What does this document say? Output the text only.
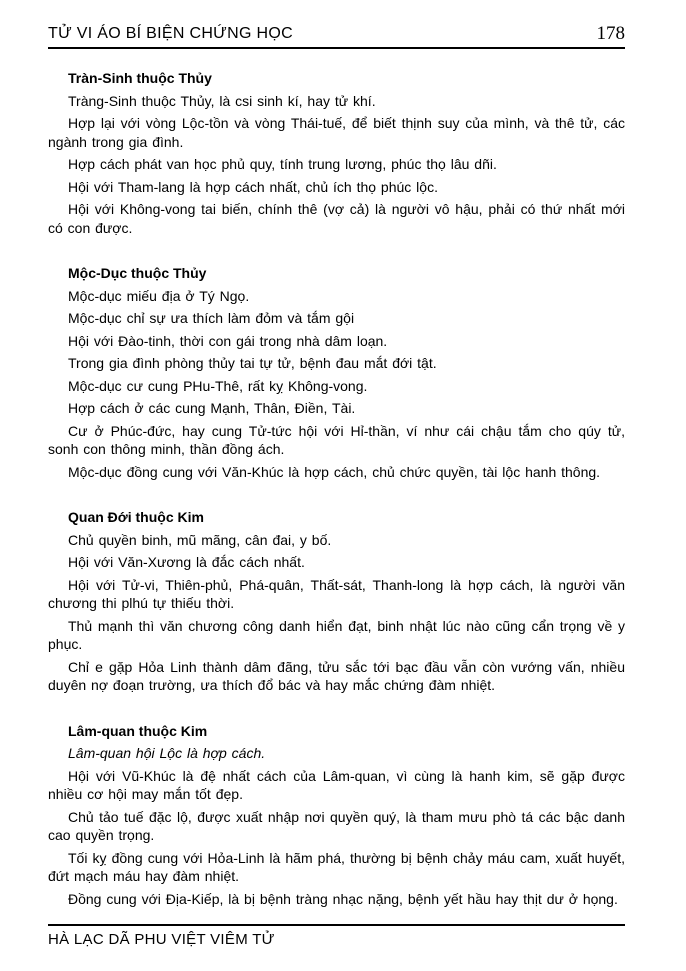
TỬ VI ÁO BÍ BIỆN CHỨNG HỌC	178
Tràn-Sinh thuộc Thủy

Tràng-Sinh thuộc Thủy, là csi sinh kí, hay tử khí.

Hợp lại với vòng Lộc-tồn và vòng Thái-tuế, để biết thịnh suy của mình, và thê tử, các ngành trong gia đình.

Hợp cách phát van học phủ quy, tính trung lương, phúc thọ lâu dñi.

Hội với Tham-lang là hợp cách nhất, chủ ích thọ phúc lộc.

Hội với Không-vong tai biến, chính thê (vợ cả) là người vô hậu, phải có thứ nhất mới có con được.

Mộc-Dục thuộc Thủy

Mộc-dục miếu địa ở Tý Ngọ.

Mộc-dục chỉ sự ưa thích làm đỏm và tắm gội

Hội với Đào-tinh, thời con gái trong nhà dâm loạn.

Trong gia đình phòng thủy tai tự tử, bệnh đau mắt đới tật.

Mộc-dục cư cung PHu-Thê, rất kỵ Không-vong.

Hợp cách ở các cung Mạnh, Thân, Điền, Tài.

Cư ở Phúc-đức, hay cung Tử-tức hội với Hỉ-thần, ví như cái chậu tắm cho qúy tử, sonh con thông minh, thần đồng ách.

Mộc-dục đồng cung với Văn-Khúc là hợp cách, chủ chức quyền, tài lộc hanh thông.

Quan Đới thuộc Kim

Chủ quyền binh, mũ mãng, cân đai, y bố.

Hội với Văn-Xương là đắc cách nhất.

Hội với Tử-vi, Thiên-phủ, Phá-quân, Thất-sát, Thanh-long là hợp cách, là người văn chương thi plhú tự thiếu thời.

Thủ mạnh thì văn chương công danh hiển đạt, binh nhật lúc nào cũng cẩn trọng về y phục.

Chỉ e gặp Hỏa Linh thành dâm đãng, tửu sắc tới bạc đầu vẫn còn vướng vấn, nhiều duyên nợ đoạn trường, ưa thích đổ bác và hay mắc chứng đàm nhiệt.

Lâm-quan thuộc Kim

Lâm-quan hội Lộc là hợp cách.

Hội với Vũ-Khúc là đệ nhất cách của Lâm-quan, vì cùng là hanh kim, sẽ gặp được nhiều cơ hội may mắn tốt đẹp.

Chủ tảo tuế đặc lộ, được xuất nhập nơi quyền quý, là tham mưu phò tá các bậc danh cao quyền trọng.

Tối kỵ đồng cung với Hỏa-Linh là hãm phá, thường bị bệnh chảy máu cam, xuất huyết, đứt mạch máu hay đàm nhiệt.

Đồng cung với Địa-Kiếp, là bị bệnh tràng nhạc nặng, bệnh yết hầu hay thịt dư ở họng.

HÀ LẠC DÃ PHU VIỆT VIÊM TỬ
